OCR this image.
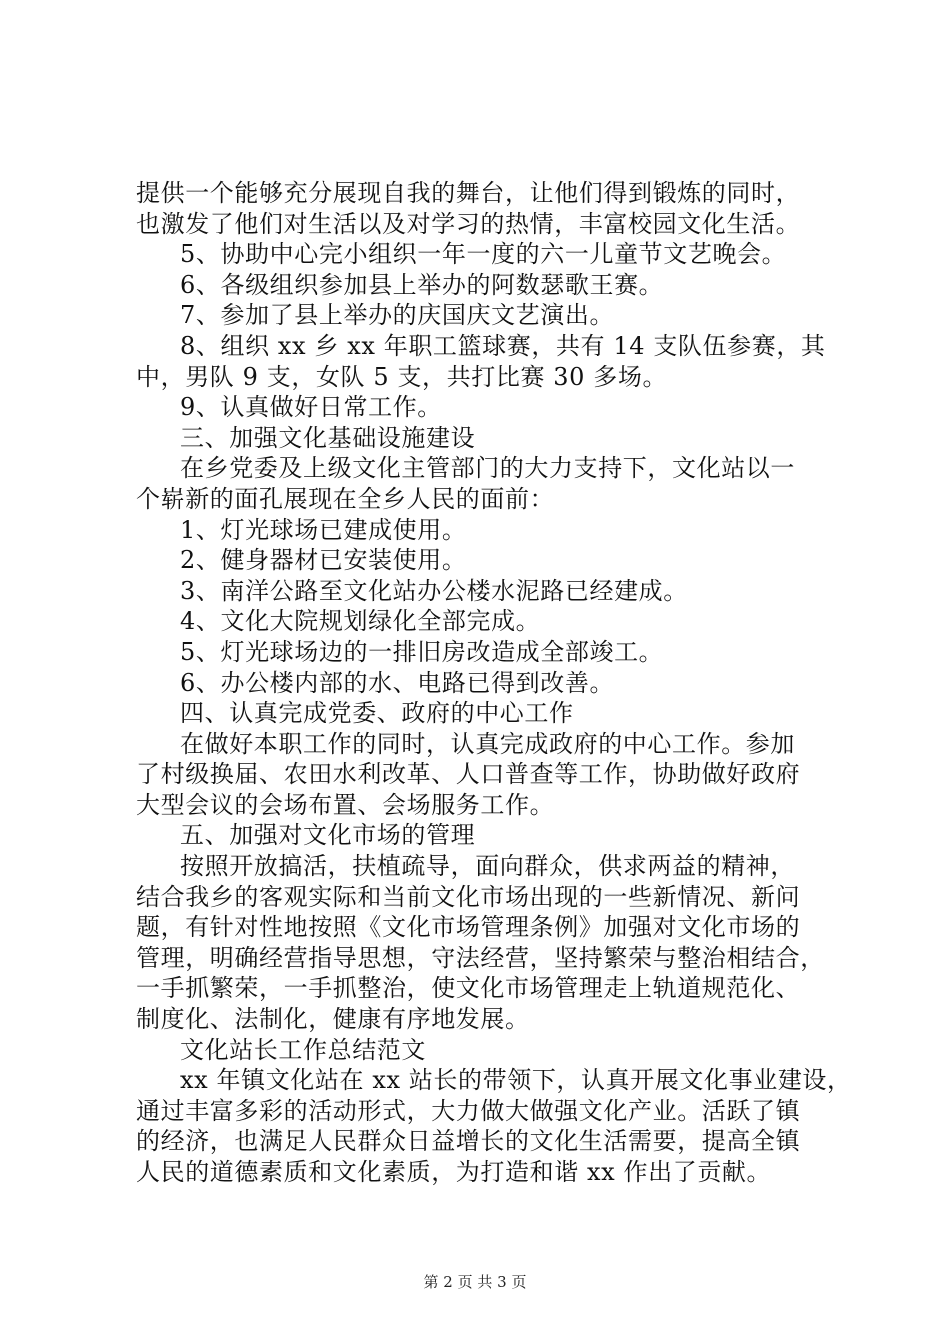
提供一个能够充分展现自我的舞台，让他们得到锻炼的同时，
也激发了他们对生活以及对学习的热情，丰富校园文化生活。
5、协助中心完小组织一年一度的六一儿童节文艺晚会。
6、各级组织参加县上举办的阿数瑟歌王赛。
7、参加了县上举办的庆国庆文艺演出。
8、组织 xx 乡 xx 年职工篮球赛，共有 14 支队伍参赛，其
中，男队 9 支，女队 5 支，共打比赛 30 多场。
9、认真做好日常工作。
三、加强文化基础设施建设
在乡党委及上级文化主管部门的大力支持下，文化站以一
个崭新的面孔展现在全乡人民的面前：
1、灯光球场已建成使用。
2、健身器材已安装使用。
3、南洋公路至文化站办公楼水泥路已经建成。
4、文化大院规划绿化全部完成。
5、灯光球场边的一排旧房改造成全部竣工。
6、办公楼内部的水、电路已得到改善。
四、认真完成党委、政府的中心工作
在做好本职工作的同时，认真完成政府的中心工作。参加
了村级换届、农田水利改革、人口普查等工作，协助做好政府
大型会议的会场布置、会场服务工作。
五、加强对文化市场的管理
按照开放搞活，扶植疏导，面向群众，供求两益的精神，
结合我乡的客观实际和当前文化市场出现的一些新情况、新问
题，有针对性地按照《文化市场管理条例》加强对文化市场的
管理，明确经营指导思想，守法经营，坚持繁荣与整治相结合，
一手抓繁荣，一手抓整治，使文化市场管理走上轨道规范化、
制度化、法制化，健康有序地发展。
文化站长工作总结范文
xx 年镇文化站在 xx 站长的带领下，认真开展文化事业建设，
通过丰富多彩的活动形式，大力做大做强文化产业。活跃了镇
的经济，也满足人民群众日益增长的文化生活需要，提高全镇
人民的道德素质和文化素质，为打造和谐 xx 作出了贡献。
第 2 页 共 3 页
